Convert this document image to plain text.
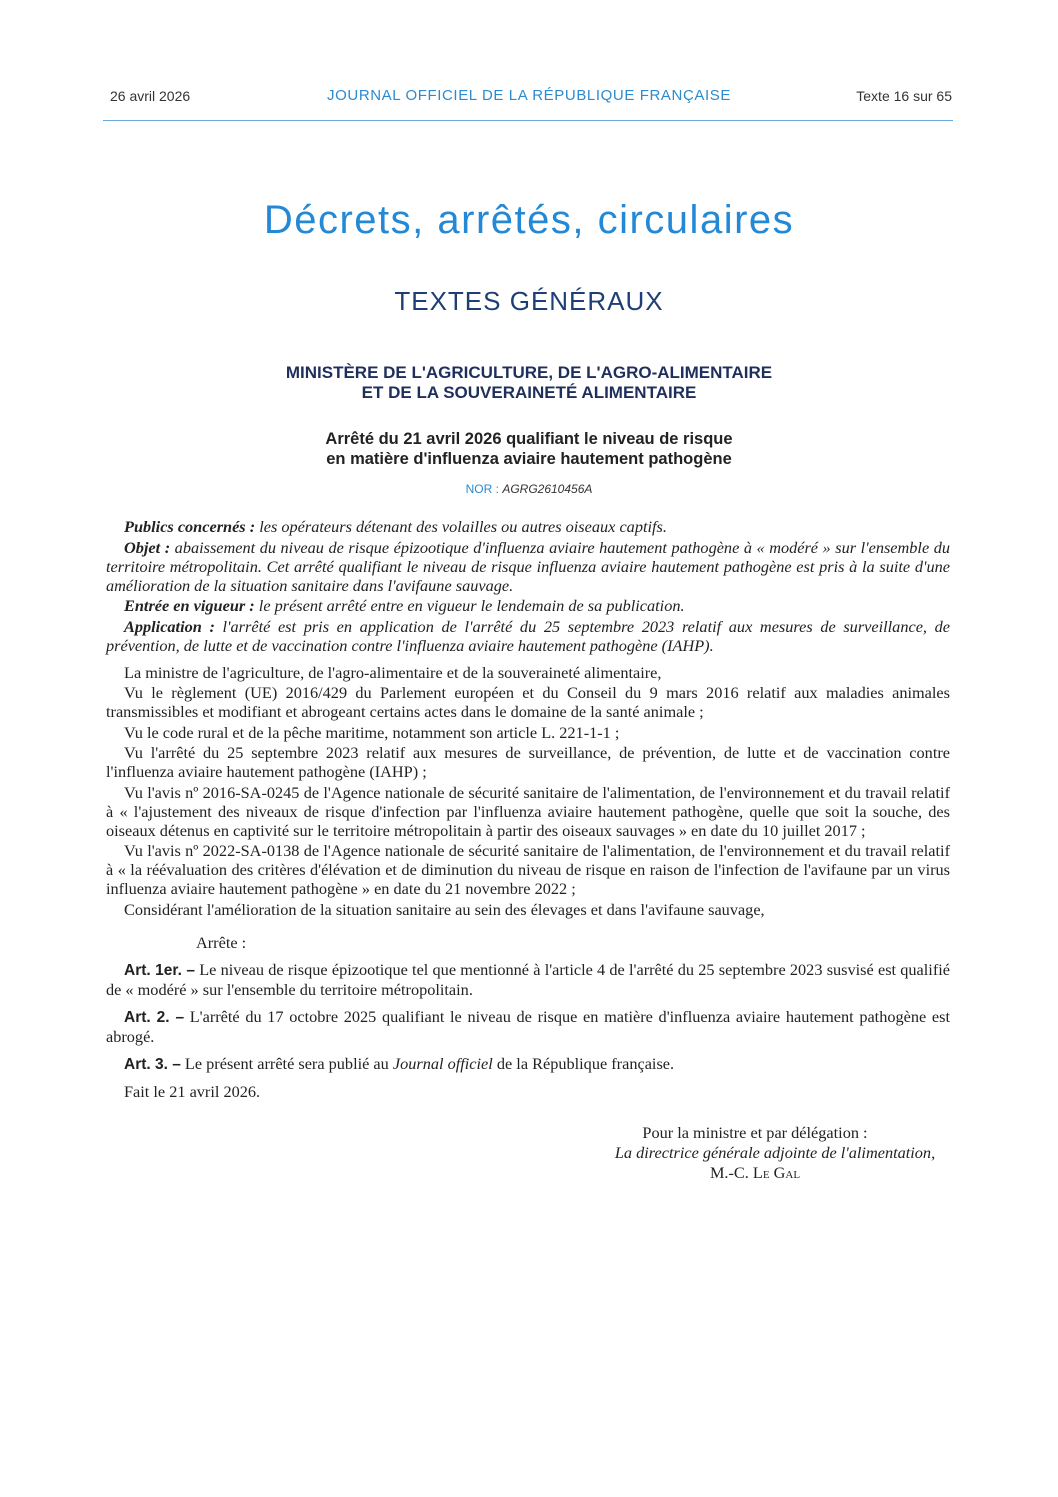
26 avril 2026	JOURNAL OFFICIEL DE LA RÉPUBLIQUE FRANÇAISE	Texte 16 sur 65
Décrets, arrêtés, circulaires
TEXTES GÉNÉRAUX
MINISTÈRE DE L'AGRICULTURE, DE L'AGRO-ALIMENTAIRE
ET DE LA SOUVERAINETÉ ALIMENTAIRE
Arrêté du 21 avril 2026 qualifiant le niveau de risque
en matière d'influenza aviaire hautement pathogène
NOR : AGRG2610456A

Publics concernés : les opérateurs détenant des volailles ou autres oiseaux captifs.

Objet : abaissement du niveau de risque épizootique d'influenza aviaire hautement pathogène à « modéré » sur l'ensemble du territoire métropolitain. Cet arrêté qualifiant le niveau de risque influenza aviaire hautement pathogène est pris à la suite d'une amélioration de la situation sanitaire dans l'avifaune sauvage.

Entrée en vigueur : le présent arrêté entre en vigueur le lendemain de sa publication.

Application : l'arrêté est pris en application de l'arrêté du 25 septembre 2023 relatif aux mesures de surveillance, de prévention, de lutte et de vaccination contre l'influenza aviaire hautement pathogène (IAHP).

La ministre de l'agriculture, de l'agro-alimentaire et de la souveraineté alimentaire,

Vu le règlement (UE) 2016/429 du Parlement européen et du Conseil du 9 mars 2016 relatif aux maladies animales transmissibles et modifiant et abrogeant certains actes dans le domaine de la santé animale ;

Vu le code rural et de la pêche maritime, notamment son article L. 221-1-1 ;

Vu l'arrêté du 25 septembre 2023 relatif aux mesures de surveillance, de prévention, de lutte et de vaccination contre l'influenza aviaire hautement pathogène (IAHP) ;

Vu l'avis nº 2016-SA-0245 de l'Agence nationale de sécurité sanitaire de l'alimentation, de l'environnement et du travail relatif à « l'ajustement des niveaux de risque d'infection par l'influenza aviaire hautement pathogène, quelle que soit la souche, des oiseaux détenus en captivité sur le territoire métropolitain à partir des oiseaux sauvages » en date du 10 juillet 2017 ;

Vu l'avis nº 2022-SA-0138 de l'Agence nationale de sécurité sanitaire de l'alimentation, de l'environnement et du travail relatif à « la réévaluation des critères d'élévation et de diminution du niveau de risque en raison de l'infection de l'avifaune par un virus influenza aviaire hautement pathogène » en date du 21 novembre 2022 ;

Considérant l'amélioration de la situation sanitaire au sein des élevages et dans l'avifaune sauvage,

Arrête :

Art. 1er. – Le niveau de risque épizootique tel que mentionné à l'article 4 de l'arrêté du 25 septembre 2023 susvisé est qualifié de « modéré » sur l'ensemble du territoire métropolitain.

Art. 2. – L'arrêté du 17 octobre 2025 qualifiant le niveau de risque en matière d'influenza aviaire hautement pathogène est abrogé.

Art. 3. – Le présent arrêté sera publié au Journal officiel de la République française.

Fait le 21 avril 2026.

Pour la ministre et par délégation :
La directrice générale adjointe de l'alimentation,
M.-C. Le Gal
